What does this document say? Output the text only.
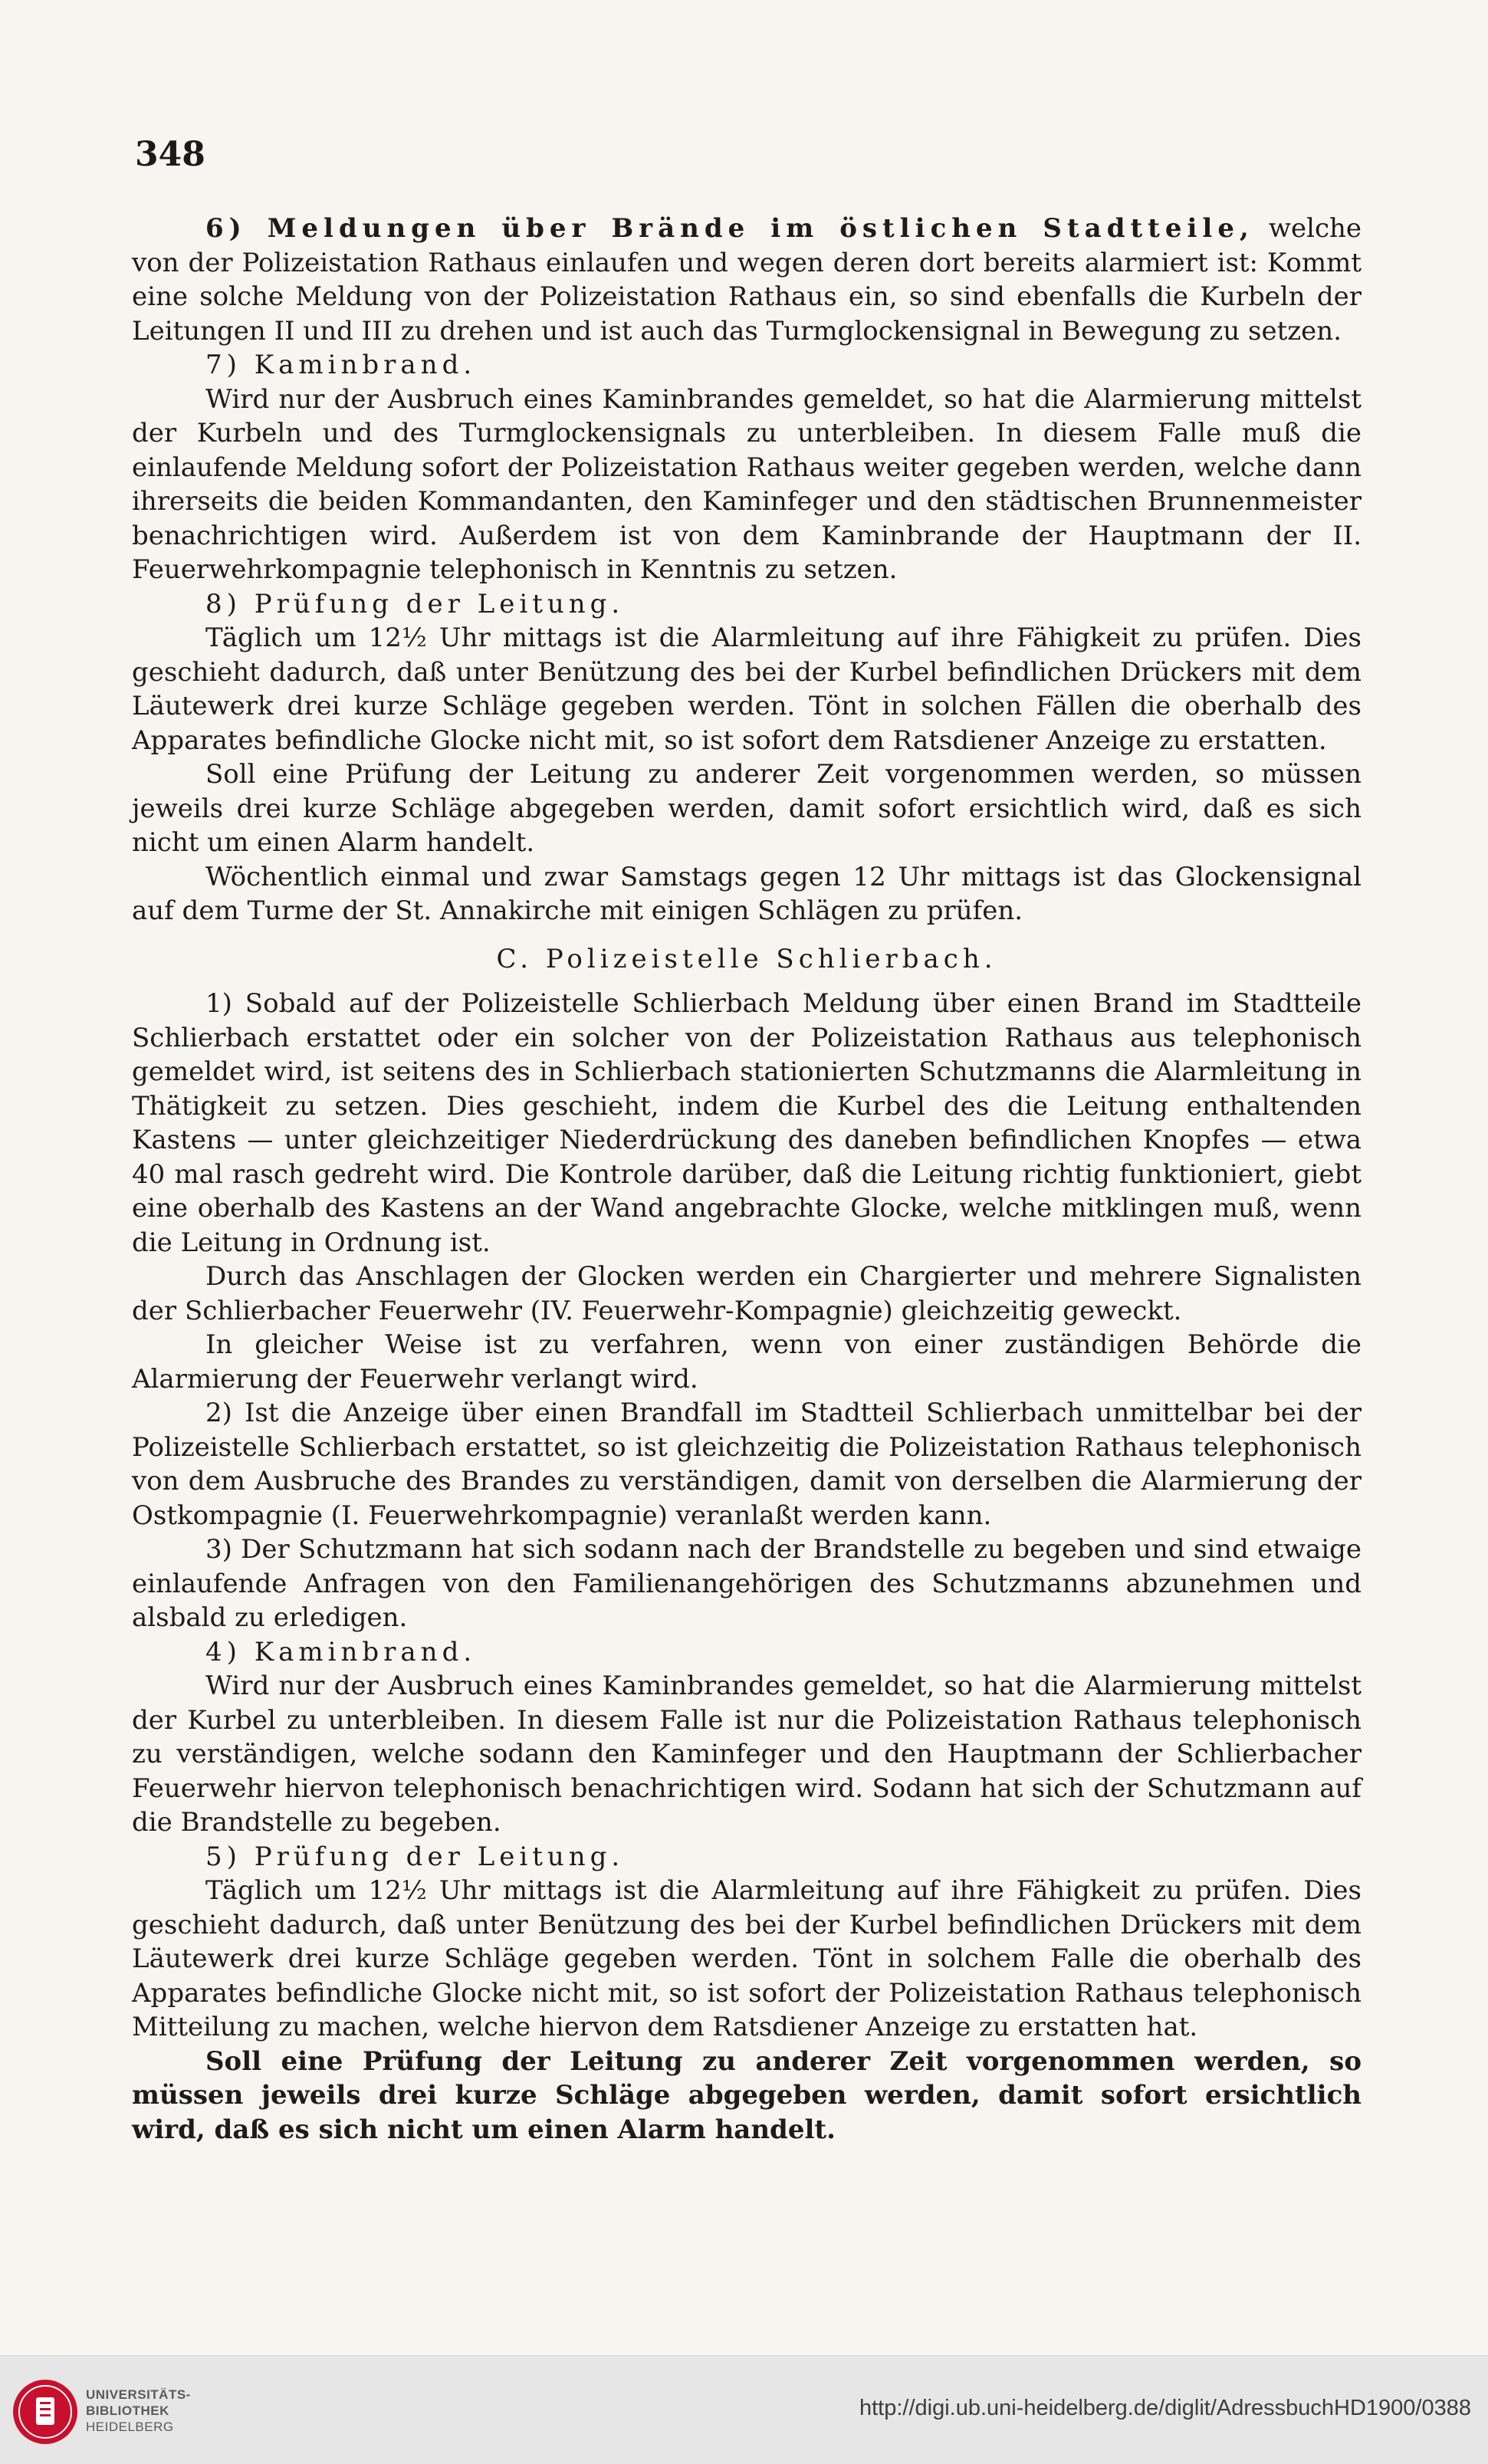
348

6) Meldungen über Brände im östlichen Stadtteile, welche von der Polizeistation Rathaus einlaufen und wegen deren dort bereits alarmiert ist: Kommt eine solche Meldung von der Polizeistation Rathaus ein, so sind ebenfalls die Kurbeln der Leitungen II und III zu drehen und ist auch das Turmglockensignal in Bewegung zu setzen.

7) Kaminbrand.

Wird nur der Ausbruch eines Kaminbrandes gemeldet, so hat die Alarmierung mittelst der Kurbeln und des Turmglockensignals zu unterbleiben. In diesem Falle muß die einlaufende Meldung sofort der Polizeistation Rathaus weiter gegeben werden, welche dann ihrerseits die beiden Kommandanten, den Kaminfeger und den städtischen Brunnenmeister benachrichtigen wird. Außerdem ist von dem Kaminbrande der Hauptmann der II. Feuerwehrkompagnie telephonisch in Kenntnis zu setzen.

8) Prüfung der Leitung.

Täglich um 12½ Uhr mittags ist die Alarmleitung auf ihre Fähigkeit zu prüfen. Dies geschieht dadurch, daß unter Benützung des bei der Kurbel befindlichen Drückers mit dem Läutewerk drei kurze Schläge gegeben werden. Tönt in solchen Fällen die oberhalb des Apparates befindliche Glocke nicht mit, so ist sofort dem Ratsdiener Anzeige zu erstatten.

Soll eine Prüfung der Leitung zu anderer Zeit vorgenommen werden, so müssen jeweils drei kurze Schläge abgegeben werden, damit sofort ersichtlich wird, daß es sich nicht um einen Alarm handelt.

Wöchentlich einmal und zwar Samstags gegen 12 Uhr mittags ist das Glockensignal auf dem Turme der St. Annakirche mit einigen Schlägen zu prüfen.

C. Polizeistelle Schlierbach.

1) Sobald auf der Polizeistelle Schlierbach Meldung über einen Brand im Stadtteile Schlierbach erstattet oder ein solcher von der Polizeistation Rathaus aus telephonisch gemeldet wird, ist seitens des in Schlierbach stationierten Schutzmanns die Alarmleitung in Thätigkeit zu setzen. Dies geschieht, indem die Kurbel des die Leitung enthaltenden Kastens — unter gleichzeitiger Niederdrückung des daneben befindlichen Knopfes — etwa 40 mal rasch gedreht wird. Die Kontrole darüber, daß die Leitung richtig funktioniert, giebt eine oberhalb des Kastens an der Wand angebrachte Glocke, welche mitklingen muß, wenn die Leitung in Ordnung ist.

Durch das Anschlagen der Glocken werden ein Chargierter und mehrere Signalisten der Schlierbacher Feuerwehr (IV. Feuerwehr-Kompagnie) gleichzeitig geweckt.

In gleicher Weise ist zu verfahren, wenn von einer zuständigen Behörde die Alarmierung der Feuerwehr verlangt wird.

2) Ist die Anzeige über einen Brandfall im Stadtteil Schlierbach unmittelbar bei der Polizeistelle Schlierbach erstattet, so ist gleichzeitig die Polizeistation Rathaus telephonisch von dem Ausbruche des Brandes zu verständigen, damit von derselben die Alarmierung der Ostkompagnie (I. Feuerwehrkompagnie) veranlaßt werden kann.

3) Der Schutzmann hat sich sodann nach der Brandstelle zu begeben und sind etwaige einlaufende Anfragen von den Familienangehörigen des Schutzmanns abzunehmen und alsbald zu erledigen.

4) Kaminbrand.

Wird nur der Ausbruch eines Kaminbrandes gemeldet, so hat die Alarmierung mittelst der Kurbel zu unterbleiben. In diesem Falle ist nur die Polizeistation Rathaus telephonisch zu verständigen, welche sodann den Kaminfeger und den Hauptmann der Schlierbacher Feuerwehr hiervon telephonisch benachrichtigen wird. Sodann hat sich der Schutzmann auf die Brandstelle zu begeben.

5) Prüfung der Leitung.

Täglich um 12½ Uhr mittags ist die Alarmleitung auf ihre Fähigkeit zu prüfen. Dies geschieht dadurch, daß unter Benützung des bei der Kurbel befindlichen Drückers mit dem Läutewerk drei kurze Schläge gegeben werden. Tönt in solchem Falle die oberhalb des Apparates befindliche Glocke nicht mit, so ist sofort der Polizeistation Rathaus telephonisch Mitteilung zu machen, welche hiervon dem Ratsdiener Anzeige zu erstatten hat.

Soll eine Prüfung der Leitung zu anderer Zeit vorgenommen werden, so müssen jeweils drei kurze Schläge abgegeben werden, damit sofort ersichtlich wird, daß es sich nicht um einen Alarm handelt.

UNIVERSITÄTS-
BIBLIOTHEK
HEIDELBERG
http://digi.ub.uni-heidelberg.de/diglit/AdressbuchHD1900/0388
